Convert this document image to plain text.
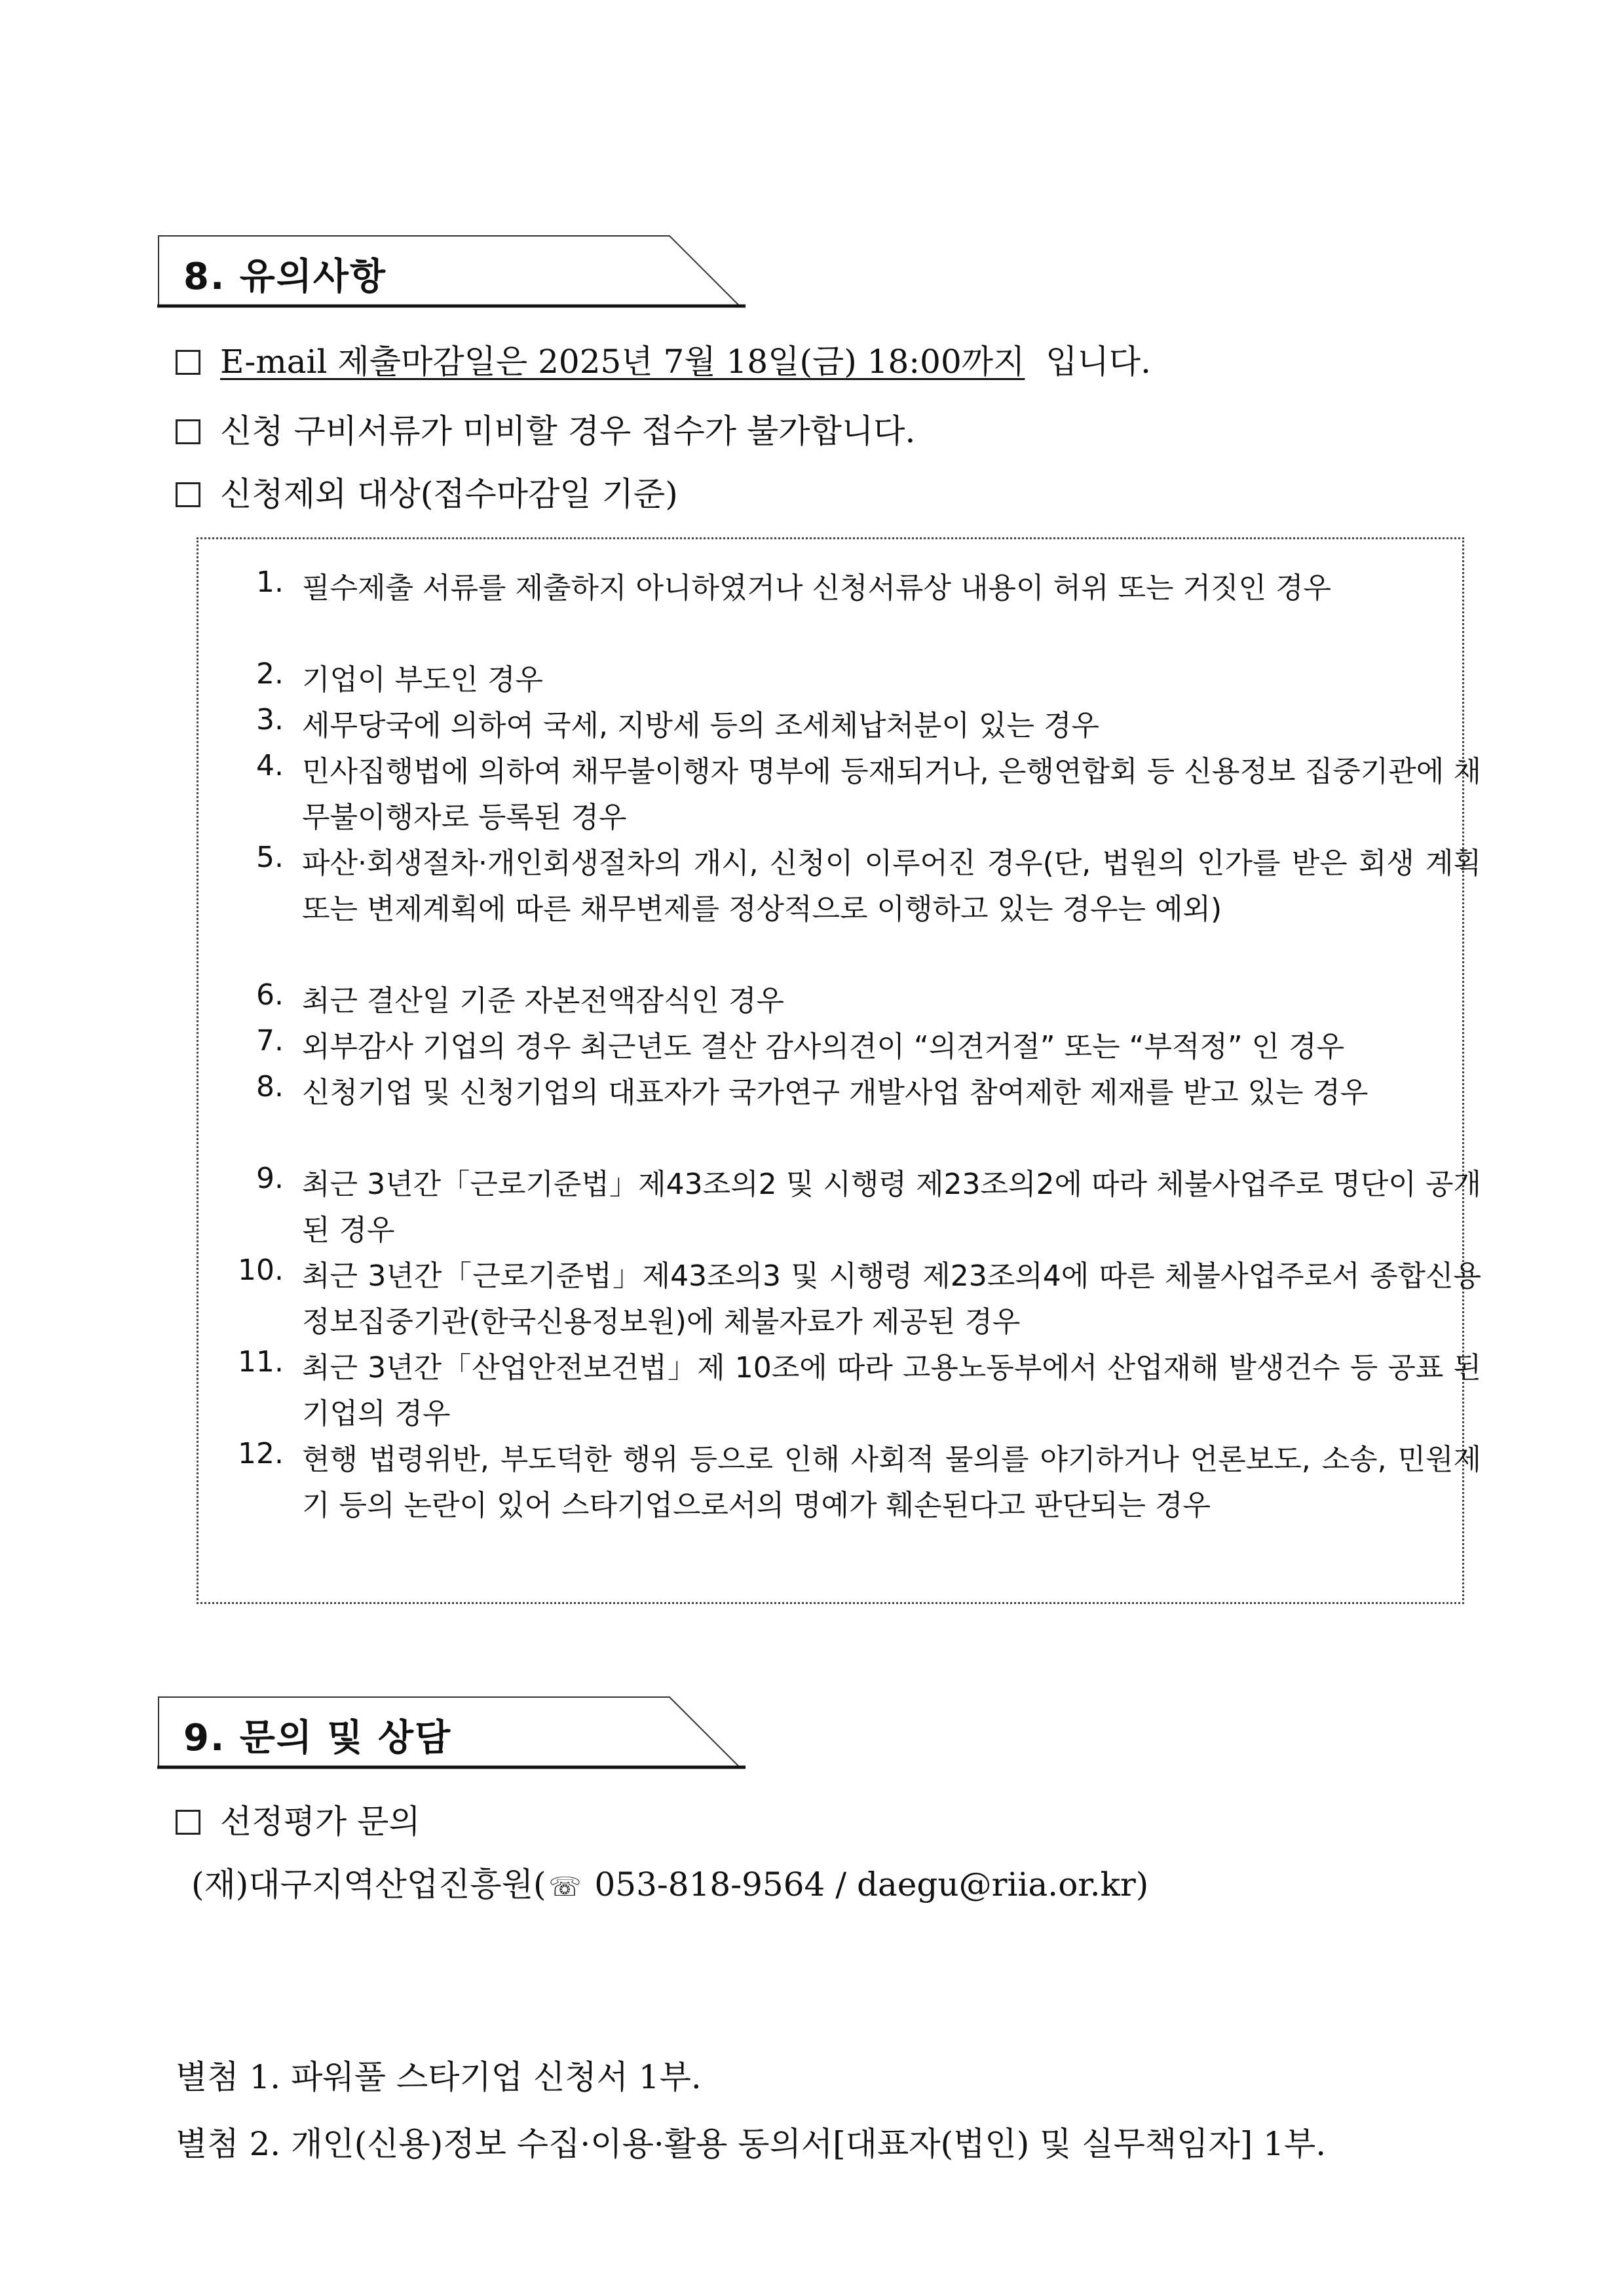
8. 유의사항
E-mail 제출마감일은 2025년 7월 18일(금) 18:00까지 입니다.
신청 구비서류가 미비할 경우 접수가 불가합니다.
신청제외 대상(접수마감일 기준)
1. 필수제출 서류를 제출하지 아니하였거나 신청서류상 내용이 허위 또는 거짓인 경우
2. 기업이 부도인 경우
3. 세무당국에 의하여 국세, 지방세 등의 조세체납처분이 있는 경우
4. 민사집행법에 의하여 채무불이행자 명부에 등재되거나, 은행연합회 등 신용정보 집중기관에 채무불이행자로 등록된 경우
5. 파산·회생절차·개인회생절차의 개시, 신청이 이루어진 경우(단, 법원의 인가를 받은 회생 계획 또는 변제계획에 따른 채무변제를 정상적으로 이행하고 있는 경우는 예외)
6. 최근 결산일 기준 자본전액잠식인 경우
7. 외부감사 기업의 경우 최근년도 결산 감사의견이 “의견거절” 또는 “부적정” 인 경우
8. 신청기업 및 신청기업의 대표자가 국가연구 개발사업 참여제한 제재를 받고 있는 경우
9. 최근 3년간「근로기준법」제43조의2 및 시행령 제23조의2에 따라 체불사업주로 명단이 공개된 경우
10. 최근 3년간「근로기준법」제43조의3 및 시행령 제23조의4에 따른 체불사업주로서 종합신용 정보집중기관(한국신용정보원)에 체불자료가 제공된 경우
11. 최근 3년간「산업안전보건법」제 10조에 따라 고용노동부에서 산업재해 발생건수 등 공표 된 기업의 경우
12. 현행 법령위반, 부도덕한 행위 등으로 인해 사회적 물의를 야기하거나 언론보도, 소송, 민원제기 등의 논란이 있어 스타기업으로서의 명예가 훼손된다고 판단되는 경우
9. 문의 및 상담
선정평가 문의
(재)대구지역산업진흥원( ☏ 053-818-9564 / daegu@riia.or.kr)
별첨 1. 파워풀 스타기업 신청서 1부.
별첨 2. 개인(신용)정보 수집·이용·활용 동의서[대표자(법인) 및 실무책임자] 1부.
